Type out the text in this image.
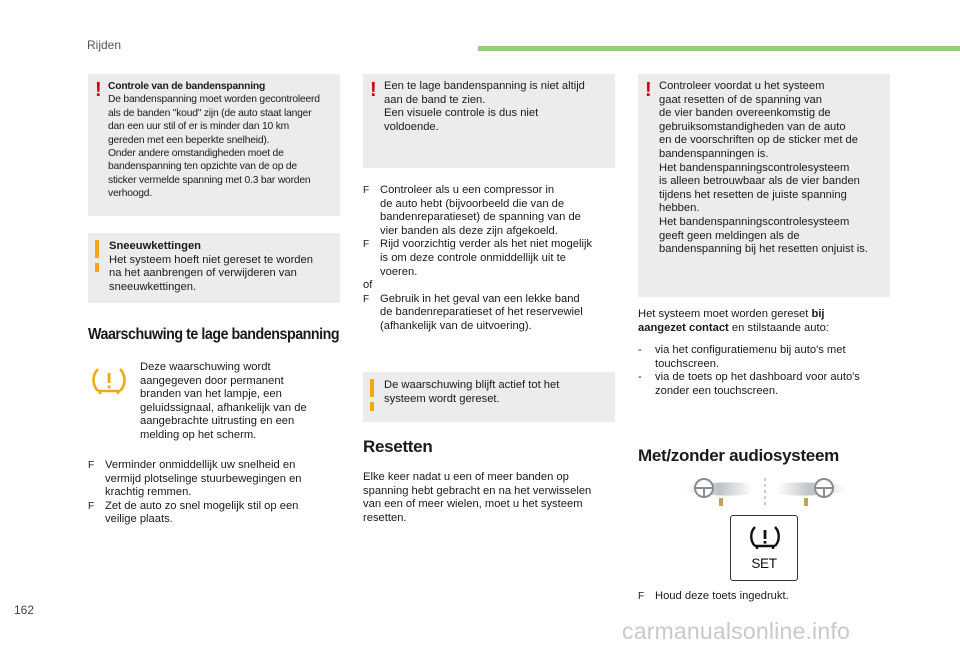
Rijden
! Controle van de bandenspanning
De bandenspanning moet worden gecontroleerd
als de banden "koud" zijn (de auto staat langer
dan een uur stil of er is minder dan 10 km
gereden met een beperkte snelheid).
Onder andere omstandigheden moet de
bandenspanning ten opzichte van de op de
sticker vermelde spanning met 0.3 bar worden
verhoogd.
Sneeuwkettingen
Het systeem hoeft niet gereset te worden
na het aanbrengen of verwijderen van
sneeuwkettingen.
Waarschuwing te lage bandenspanning
Deze waarschuwing wordt
aangegeven door permanent
branden van het lampje, een
geluidssignaal, afhankelijk van de
aangebrachte uitrusting en een
melding op het scherm.
F Verminder onmiddellijk uw snelheid en
vermijd plotselinge stuurbewegingen en
krachtig remmen.
F Zet de auto zo snel mogelijk stil op een
veilige plaats.
! Een te lage bandenspanning is niet altijd
aan de band te zien.
Een visuele controle is dus niet
voldoende.
F Controleer als u een compressor in
de auto hebt (bijvoorbeeld die van de
bandenreparatieset) de spanning van de
vier banden als deze zijn afgekoeld.
F Rijd voorzichtig verder als het niet mogelijk
is om deze controle onmiddellijk uit te
voeren.
of
F Gebruik in het geval van een lekke band
de bandenreparatieset of het reservewiel
(afhankelijk van de uitvoering).
De waarschuwing blijft actief tot het
systeem wordt gereset.
Resetten
Elke keer nadat u een of meer banden op
spanning hebt gebracht en na het verwisselen
van een of meer wielen, moet u het systeem
resetten.
! Controleer voordat u het systeem
gaat resetten of de spanning van
de vier banden overeenkomstig de
gebruiksomstandigheden van de auto
en de voorschriften op de sticker met de
bandenspanningen is.
Het bandenspanningscontrolesysteem
is alleen betrouwbaar als de vier banden
tijdens het resetten de juiste spanning
hebben.
Het bandenspanningscontrolesysteem
geeft geen meldingen als de
bandenspanning bij het resetten onjuist is.
Het systeem moet worden gereset bij
aangezet contact en stilstaande auto:
- via het configuratiemenu bij auto's met
touchscreen.
- via de toets op het dashboard voor auto's
zonder een touchscreen.
Met/zonder audiosysteem
SET
F Houd deze toets ingedrukt.
162
carmanualsonline.info
